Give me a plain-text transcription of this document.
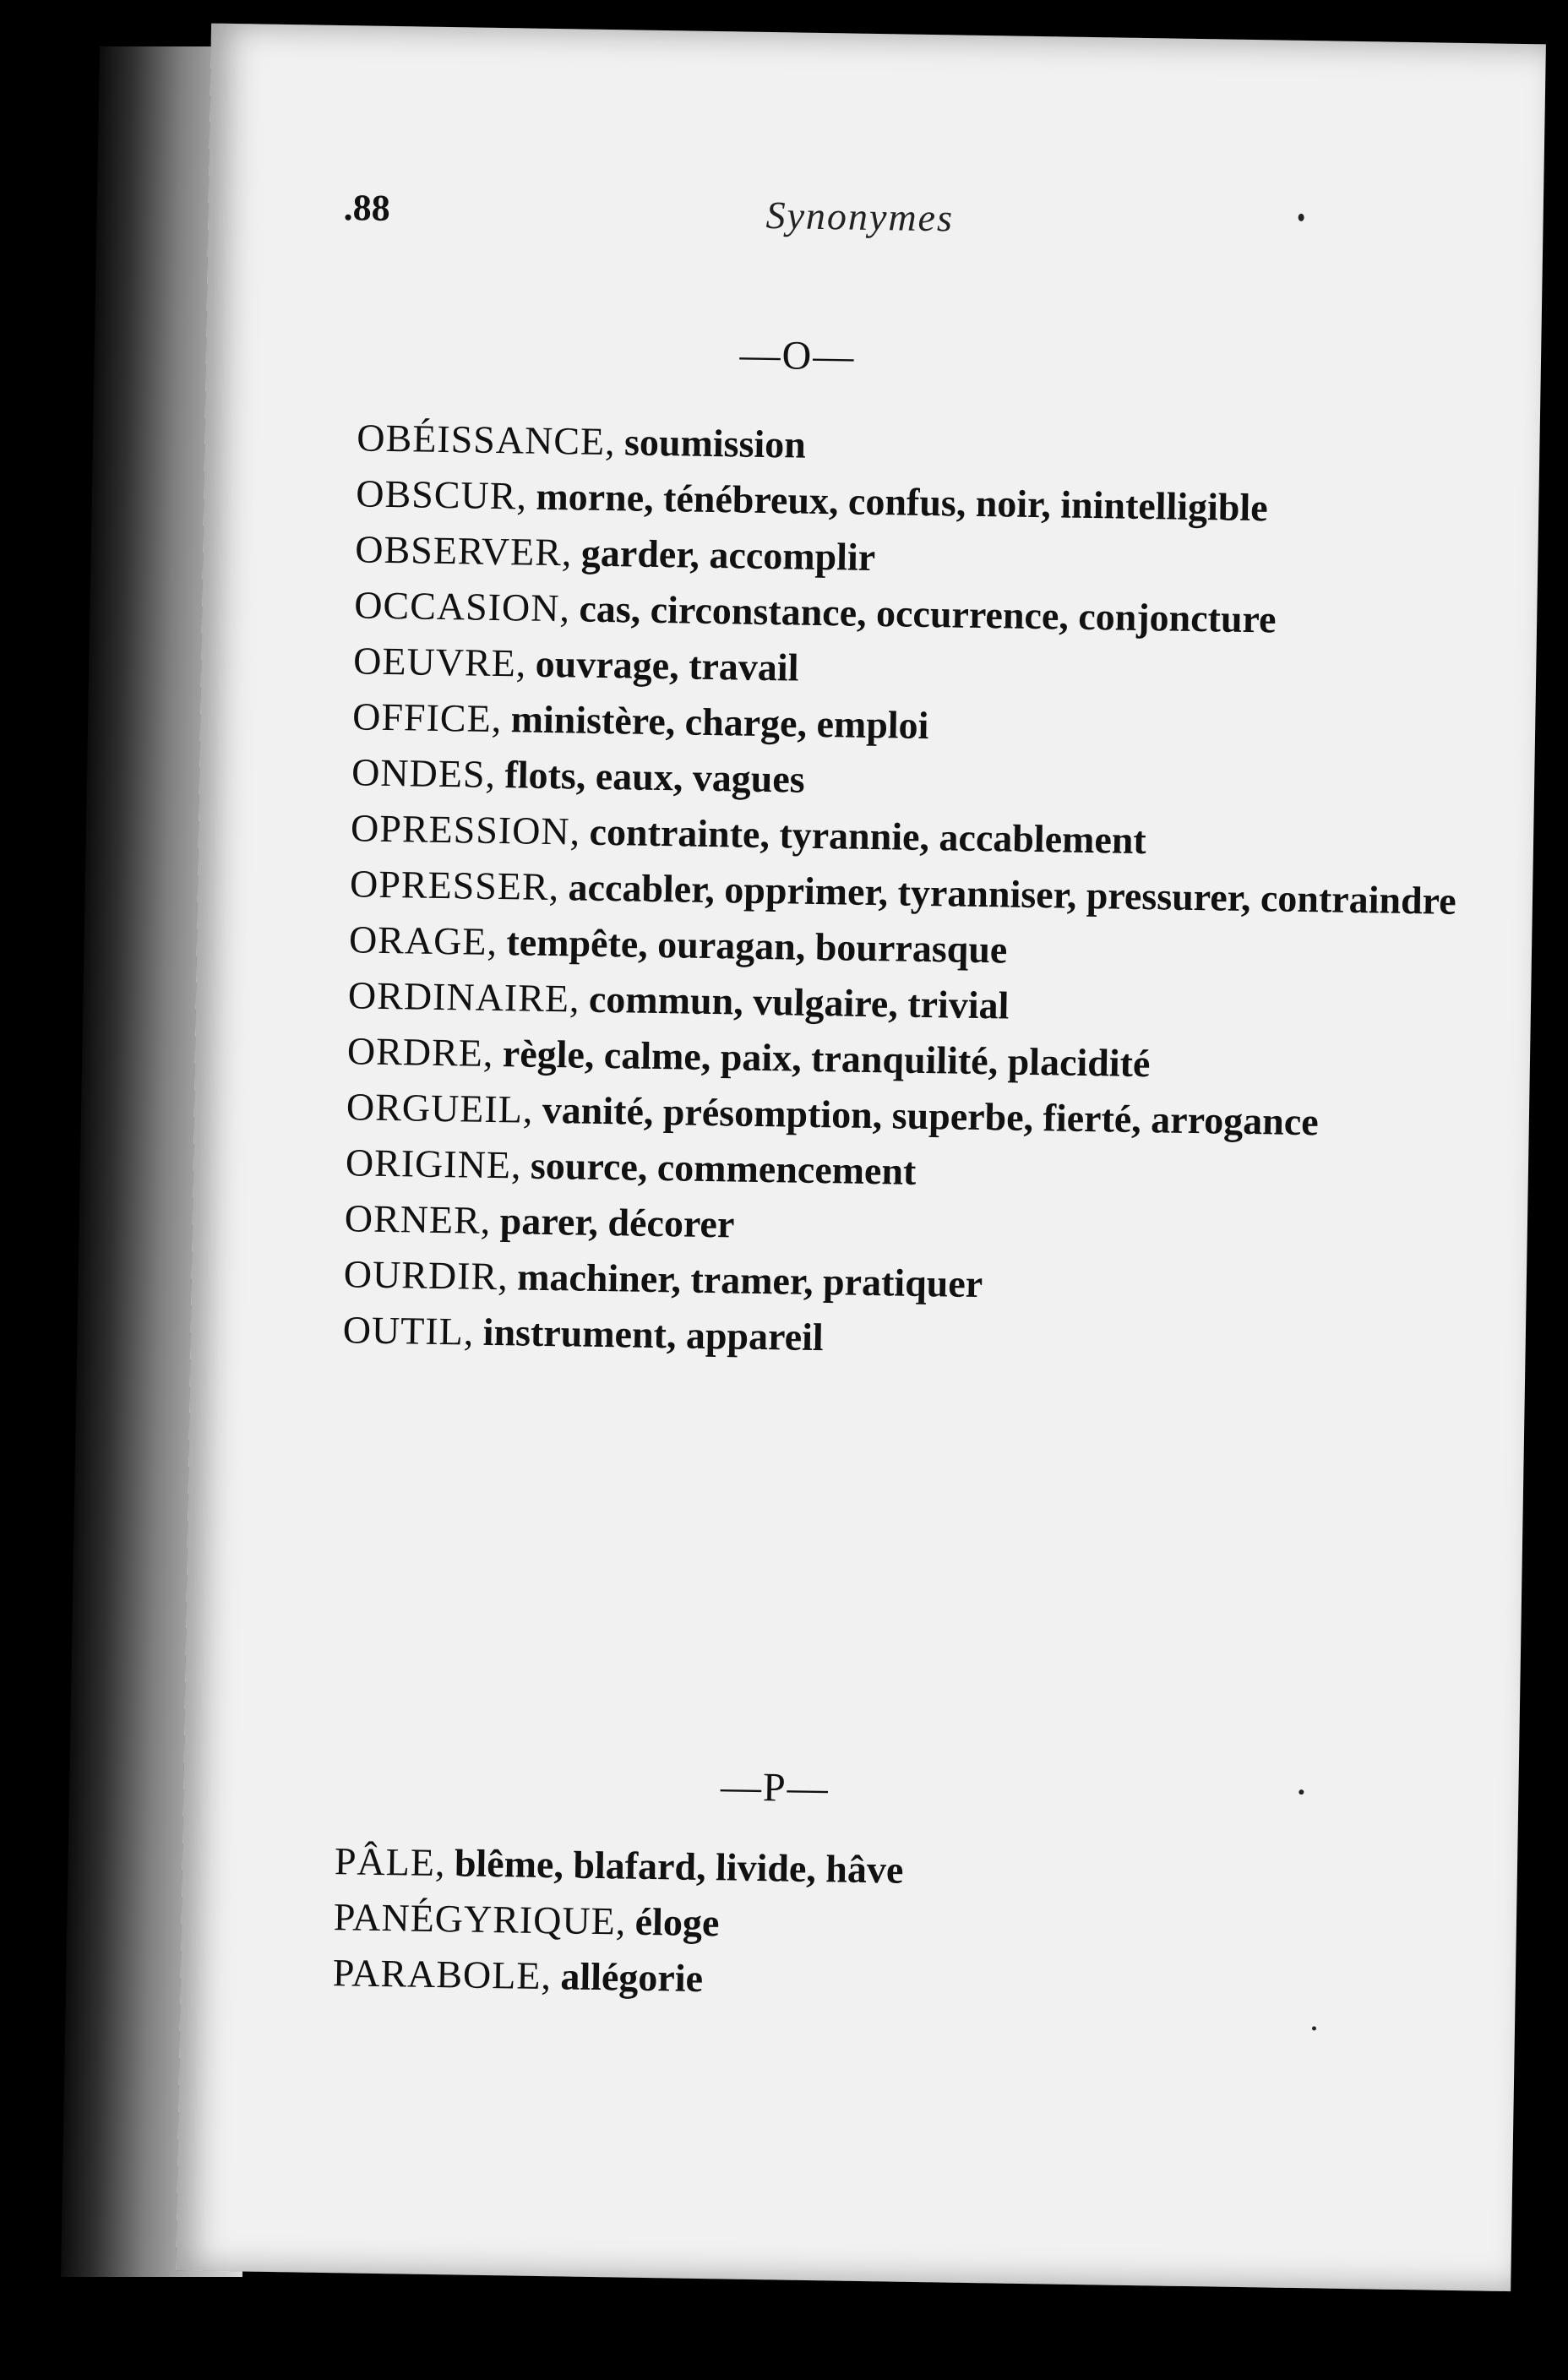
.88	Synonymes
—O—
OBÉISSANCE, soumission
OBSCUR, morne, ténébreux, confus, noir, inintelligible
OBSERVER, garder, accomplir
OCCASION, cas, circonstance, occurrence, conjoncture
OEUVRE, ouvrage, travail
OFFICE, ministère, charge, emploi
ONDES, flots, eaux, vagues
OPRESSION, contrainte, tyrannie, accablement
OPRESSER, accabler, opprimer, tyranniser, pressurer, contraindre
ORAGE, tempête, ouragan, bourrasque
ORDINAIRE, commun, vulgaire, trivial
ORDRE, règle, calme, paix, tranquilité, placidité
ORGUEIL, vanité, présomption, superbe, fierté, arrogance
ORIGINE, source, commencement
ORNER, parer, décorer
OURDIR, machiner, tramer, pratiquer
OUTIL, instrument, appareil
—P—
PÂLE, blême, blafard, livide, hâve
PANÉGYRIQUE, éloge
PARABOLE, allégorie
